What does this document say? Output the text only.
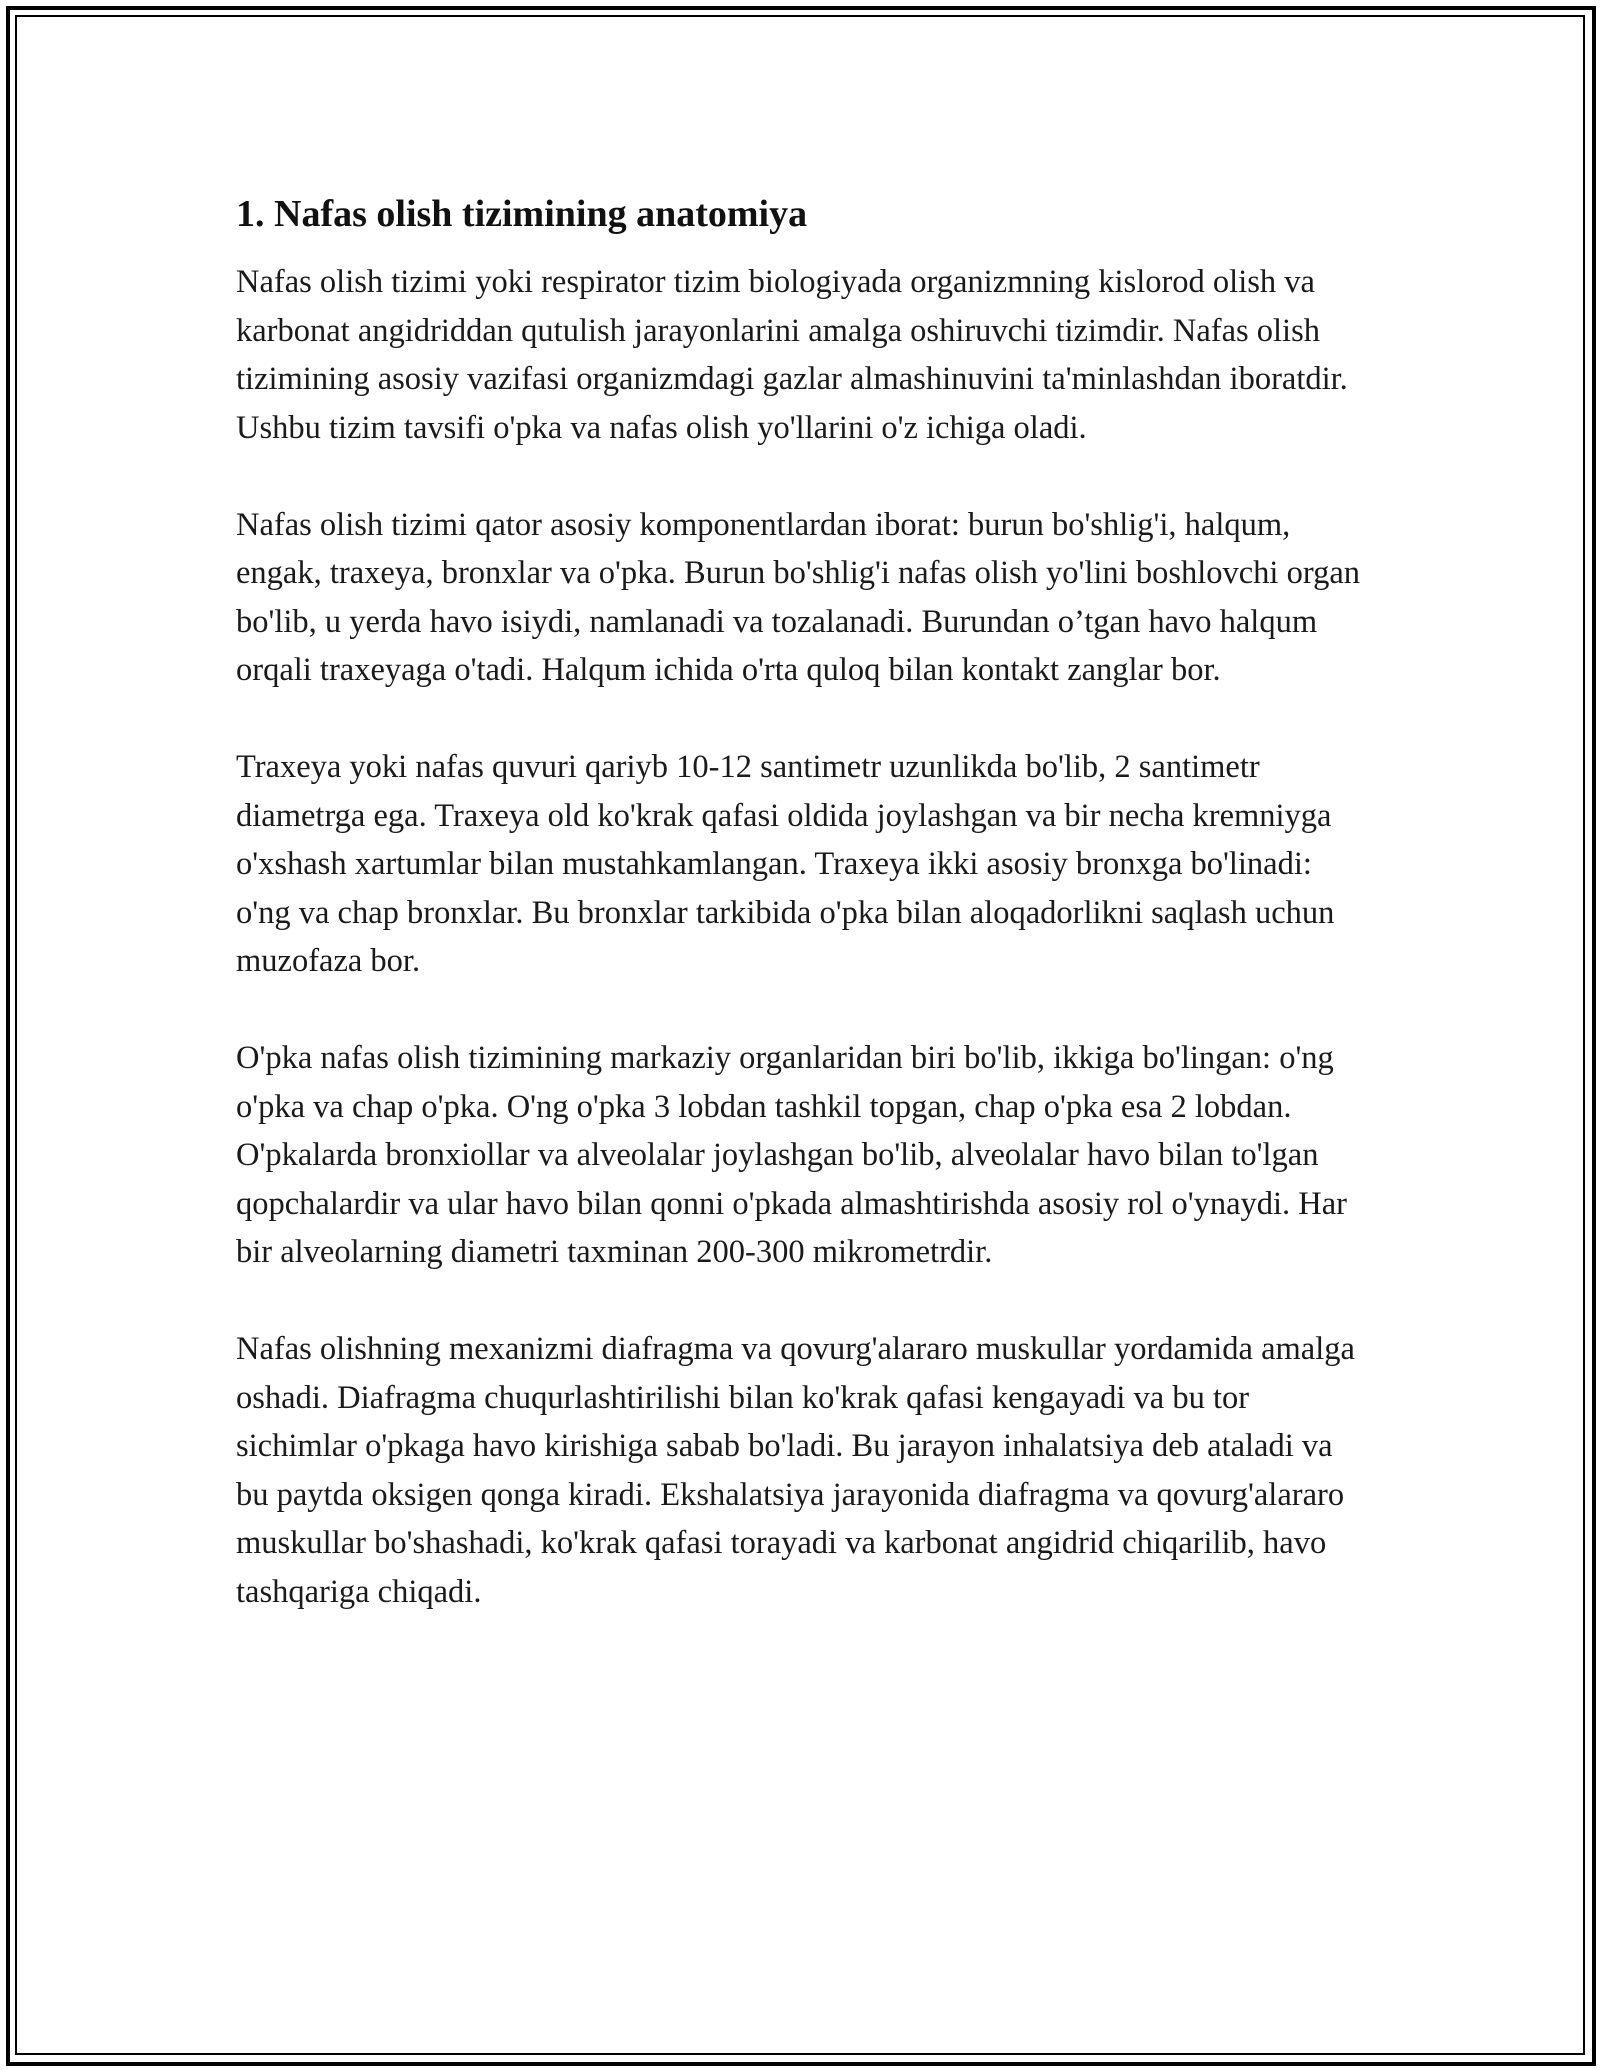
1. Nafas olish tizimining anatomiya

Nafas olish tizimi yoki respirator tizim biologiyada organizmning kislorod olish va karbonat angidriddan qutulish jarayonlarini amalga oshiruvchi tizimdir. Nafas olish tizimining asosiy vazifasi organizmdagi gazlar almashinuvini ta'minlashdan iboratdir. Ushbu tizim tavsifi o'pka va nafas olish yo'llarini o'z ichiga oladi.

Nafas olish tizimi qator asosiy komponentlardan iborat: burun bo'shlig'i, halqum, engak, traxeya, bronxlar va o'pka. Burun bo'shlig'i nafas olish yo'lini boshlovchi organ bo'lib, u yerda havo isiydi, namlanadi va tozalanadi. Burundan o’tgan havo halqum orqali traxeyaga o'tadi. Halqum ichida o'rta quloq bilan kontakt zanglar bor.

Traxeya yoki nafas quvuri qariyb 10-12 santimetr uzunlikda bo'lib, 2 santimetr diametrga ega. Traxeya old ko'krak qafasi oldida joylashgan va bir necha kremniyga o'xshash xartumlar bilan mustahkamlangan. Traxeya ikki asosiy bronxga bo'linadi: o'ng va chap bronxlar. Bu bronxlar tarkibida o'pka bilan aloqadorlikni saqlash uchun muzofaza bor.

O'pka nafas olish tizimining markaziy organlaridan biri bo'lib, ikkiga bo'lingan: o'ng o'pka va chap o'pka. O'ng o'pka 3 lobdan tashkil topgan, chap o'pka esa 2 lobdan. O'pkalarda bronxiollar va alveolalar joylashgan bo'lib, alveolalar havo bilan to'lgan qopchalardir va ular havo bilan qonni o'pkada almashtirishda asosiy rol o'ynaydi. Har bir alveolarning diametri taxminan 200-300 mikrometrdir.

Nafas olishning mexanizmi diafragma va qovurg'alararo muskullar yordamida amalga oshadi. Diafragma chuqurlashtirilishi bilan ko'krak qafasi kengayadi va bu tor sichimlar o'pkaga havo kirishiga sabab bo'ladi. Bu jarayon inhalatsiya deb ataladi va bu paytda oksigen qonga kiradi. Ekshalatsiya jarayonida diafragma va qovurg'alararo muskullar bo'shashadi, ko'krak qafasi torayadi va karbonat angidrid chiqarilib, havo tashqariga chiqadi.
